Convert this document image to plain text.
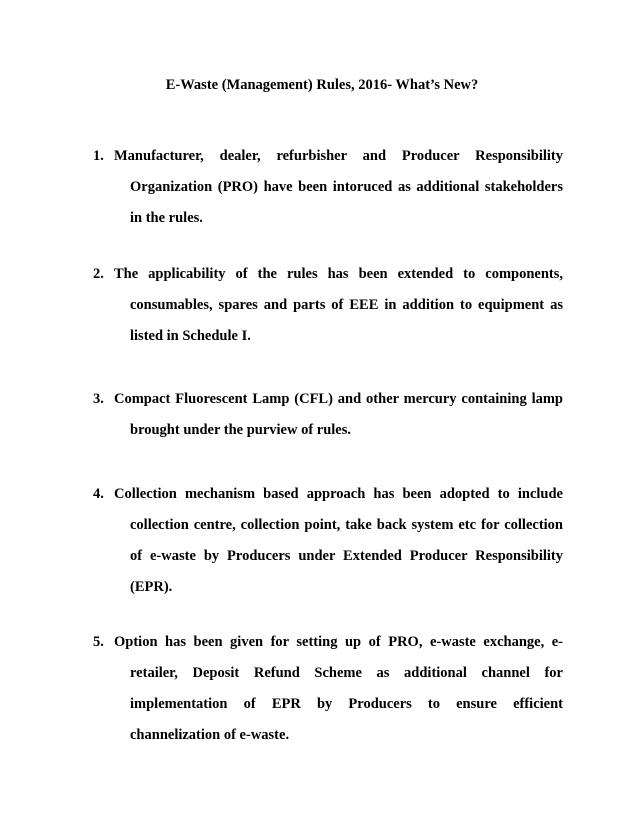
E-Waste (Management) Rules, 2016- What’s New?
1. Manufacturer, dealer, refurbisher and Producer Responsibility Organization (PRO) have been intoruced as additional stakeholders in the rules.
2. The applicability of the rules has been extended to components, consumables, spares and parts of EEE in addition to equipment as listed in Schedule I.
3. Compact Fluorescent Lamp (CFL) and other mercury containing lamp brought under the purview of rules.
4. Collection mechanism based approach has been adopted to include collection centre, collection point, take back system etc for collection of e-waste by Producers under Extended Producer Responsibility (EPR).
5. Option has been given for setting up of PRO, e-waste exchange, e-retailer, Deposit Refund Scheme as additional channel for implementation of EPR by Producers to ensure efficient channelization of e-waste.
